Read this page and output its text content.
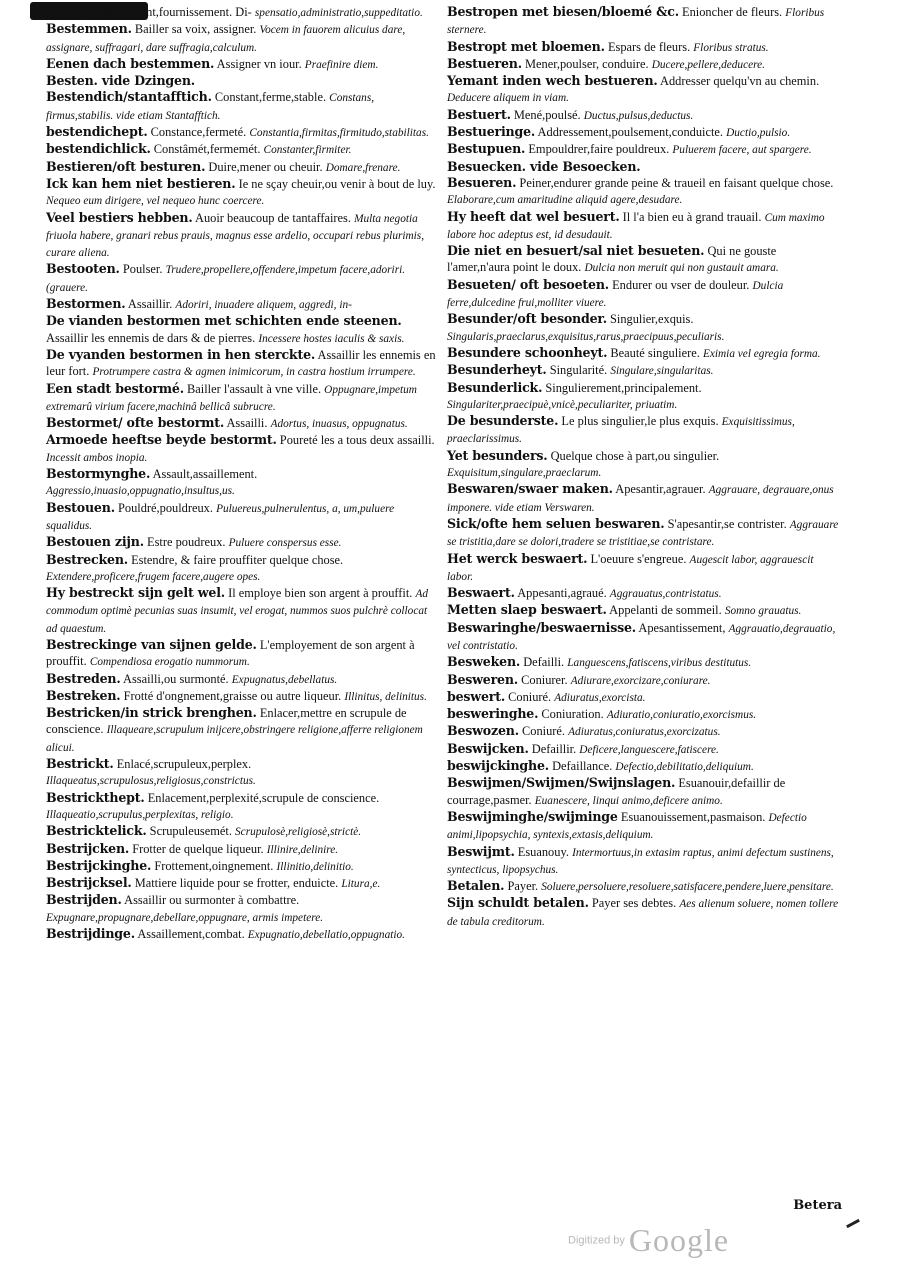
Pension,addressement,fournissement. Di- spensatio,administratio,suppeditatio.
Bestemmen. Bailler sa voix, assigner. Vocem in fauorem alicuius dare, assignare, suffragari, dare suffragia,calculum.
Eenen dach bestemmen. Assigner vn iour. Praefinire diem.
Besten. vide Dzingen.
Bestendich/stantafftich. Constant,ferme,stable. Constans, firmus,stabilis. vide etiam Stantafftich.
bestendichept. Constance,fermeté. Constantia,firmitas,firmitudo,stabilitas.
bestendichlick. Constâmét,fermemét. Constanter,firmiter.
Bestieren/oft besturen. Duire,mener ou cheuir. Domare,frenare.
Ick kan hem niet bestieren. Ie ne sçay cheuir,ou venir à bout de luy. Nequeo eum dirigere, vel nequeo hunc coercere.
Veel bestiers hebben. Auoir beaucoup de tantaffaires. Multa negotia friuola habere, granari rebus prauis, magnus esse ardelio, occupari rebus plurimis, curare aliena.
Bestooten. Poulser. Trudere,propellere,offendere,impetum facere,adoriri. (grauere.
Bestormen. Assaillir. Adoriri, inuadere aliquem, aggredi, in-
De vianden bestormen met schichten ende steenen. Assaillir les ennemis de dars & de pierres. Incessere hostes iaculis & saxis.
De vyanden bestormen in hen sterckte. Assaillir les ennemis en leur fort. Protrumpere castra & agmen inimicorum, in castra hostium irrumpere.
Een stadt bestormé. Bailler l'assault à vne ville. Oppugnare,impetum extremarû virium facere,machinâ bellicâ subrucre.
Bestormet/ ofte bestormt. Assailli. Adortus, inuasus, oppugnatus.
Armoede heeftse beyde bestormt. Poureté les a tous deux assailli. Incessit ambos inopia.
Bestormynghe. Assault,assaillement. Aggressio,inuasio,oppugnatio,insultus,us.
Bestouen. Pouldré,pouldreux. Puluereus,pulnerulentus, a, um,puluere squalidus.
Bestouen zijn. Estre poudreux. Puluere conspersus esse.
Bestrecken. Estendre, & faire prouffiter quelque chose. Extendere,proficere,frugem facere,augere opes.
Hy bestreckt sijn gelt wel. Il employe bien son argent à prouffit. Ad commodum optimè pecunias suas insumit, vel erogat, nummos suos pulchrè collocat ad quaestum.
Bestreckinge van sijnen gelde. L'employement de son argent à prouffit. Compendiosa erogatio nummorum.
Bestreden. Assailli,ou surmonté. Expugnatus,debellatus.
Bestreken. Frotté d'ongnement,graisse ou autre liqueur. Illinitus, delinitus.
Bestricken/in strick brenghen. Enlacer,mettre en scrupule de conscience. Illaqueare,scrupulum inijcere,obstringere religione,afferre religionem alicui.
Bestrickt. Enlacé,scrupuleux,perplex. Illaqueatus,scrupulosus,religiosus,constrictus.
Bestrickthept. Enlacement,perplexité,scrupule de conscience. Illaqueatio,scrupulus,perplexitas, religio.
Bestricktelick. Scrupuleusemét. Scrupulosè,religiosè,strictè.
Bestrijcken. Frotter de quelque liqueur. Illinire,delinire.
Bestrijckinghe. Frottement,oingnement. Illinitio,delinitio.
Bestrijcksel. Mattiere liquide pour se frotter, enduicte. Litura,e.
Bestrijden. Assaillir ou surmonter à combattre. Expugnare,propugnare,debellare,oppugnare, armis impetere.
Bestrijdinge. Assaillement,combat. Expugnatio,debellatio,oppugnatio.
Bestropen met biesen/bloemé &c. Enioncher de fleurs. Floribus sternere.
Bestropt met bloemen. Espars de fleurs. Floribus stratus.
Bestueren. Mener,poulser, conduire. Ducere,pellere,deducere.
Yemant inden wech bestueren. Addresser quelqu'vn au chemin. Deducere aliquem in viam.
Bestuert. Mené,poulsé. Ductus,pulsus,deductus.
Bestueringe. Addressement,poulsement,conduicte. Ductio,pulsio.
Bestupuen. Empouldrer,faire pouldreux. Puluerem facere, aut spargere.
Besuecken. vide Besoecken.
Besueren. Peiner,endurer grande peine & traueil en faisant quelque chose. Elaborare,cum amaritudine aliquid agere,desudare.
Hy heeft dat wel besuert. Il l'a bien eu à grand trauail. Cum maximo labore hoc adeptus est, id desudauit.
Die niet en besuert/sal niet besueten. Qui ne gouste l'amer,n'aura point le doux. Dulcia non meruit qui non gustauit amara.
Besueten/ oft besoeten. Endurer ou vser de douleur. Dulcia ferre,dulcedine frui,molliter viuere.
Besunder/oft besonder. Singulier,exquis. Singularis,praeclarus,exquisitus,rarus,praecipuus,peculiaris.
Besundere schoonheyt. Beauté singuliere. Eximia vel egregia forma.
Besunderheyt. Singularité. Singulare,singularitas.
Besunderlick. Singulierement,principalement. Singulariter,praecipuè,vnicè,peculiariter, priuatim.
De besunderste. Le plus singulier,le plus exquis. Exquisitissimus, praeclarissimus.
Yet besunders. Quelque chose à part,ou singulier. Exquisitum,singulare,praeclarum.
Beswaren/swaer maken. Apesantir,agrauer. Aggrauare, degrauare,onus imponere. vide etiam Verswaren.
Sick/ofte hem seluen beswaren. S'apesantir,se contrister. Aggrauare se tristitia,dare se dolori,tradere se tristitiae,se contristare.
Het werck beswaert. L'oeuure s'engreue. Augescit labor, aggrauescit labor.
Beswaert. Appesanti,agraué. Aggrauatus,contristatus.
Metten slaep beswaert. Appelanti de sommeil. Somno grauatus.
Beswaringhe/beswaernisse. Apesantissement, Aggrauatio,degrauatio, vel contristatio.
Besweken. Defailli. Languescens,fatiscens,viribus destitutus.
Besweren. Coniurer. Adiurare,exorcizare,coniurare.
beswert. Coniuré. Adiuratus,exorcista.
besweringhe. Coniuration. Adiuratio,coniuratio,exorcismus.
Beswozen. Coniuré. Adiuratus,coniuratus,exorcizatus.
Beswijcken. Defaillir. Deficere,languescere,fatiscere.
beswijckinghe. Defaillance. Defectio,debilitatio,deliquium.
Beswijmen/Swijmen/Swijnslagen. Esuanouir,defaillir de courrage,pasmer. Euanescere, linqui animo,deficere animo.
Beswijminghe/swijminge Esuanouissement,pasmaison. Defectio animi,lipopsychia, syntexis,extasis,deliquium.
Beswijmt. Esuanouy. Intermortuus,in extasim raptus, animi defectum sustinens, syntecticus, lipopsychus.
Betalen. Payer. Soluere,persoluere,resoluere,satisfacere,pendere,luere,pensitare.
Sijn schuldt betalen. Payer ses debtes. Aes alienum soluere, nomen tollere de tabula creditorum.
Betera
Digitized by Google
